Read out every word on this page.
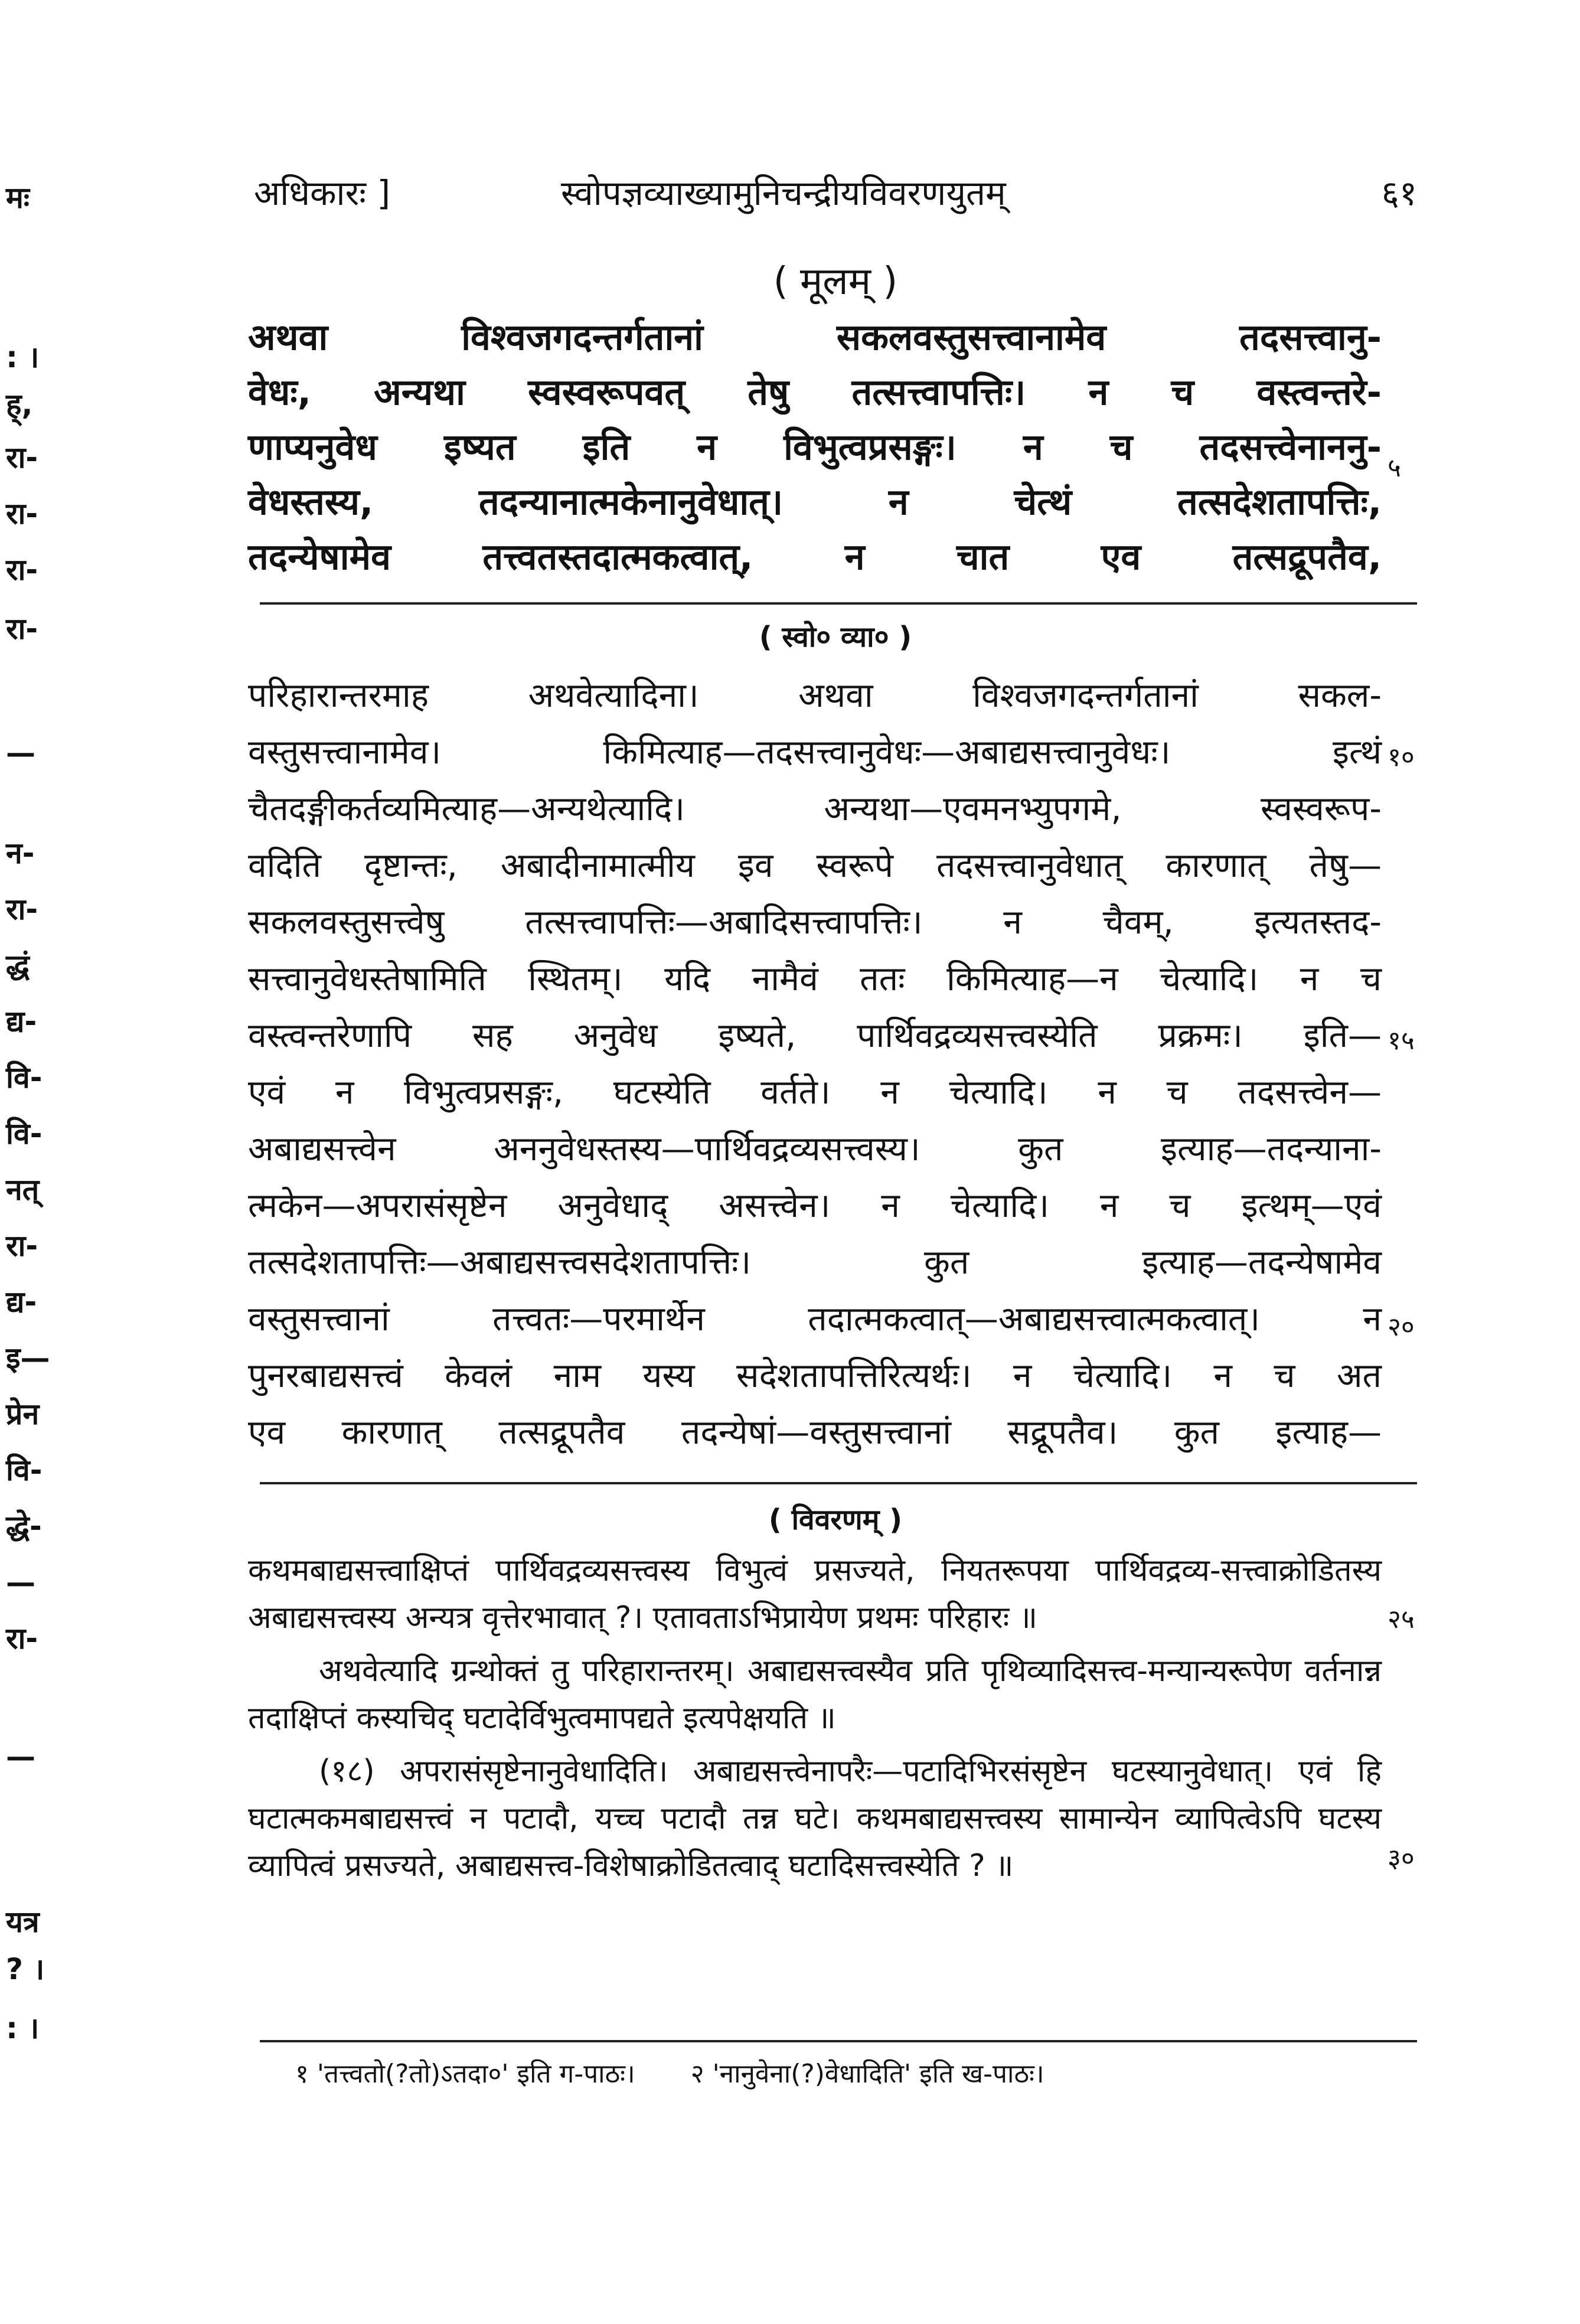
मः
: ।
ह्,
रा-
रा-
रा-
रा-
—
न-
रा-
द्धं
द्य-
वि-
वि-
नत्
रा-
द्य-
इ—
प्रेन
वि-
द्धे-
—
रा-
—
यत्र
? ।
: ।
अधिकारः ]	स्वोपज्ञव्याख्यामुनिचन्द्रीयविवरणयुतम्	६१
( मूलम् )

अथवा विश्वजगदन्तर्गतानां सकलवस्तुसत्त्वानामेव तदसत्त्वानु-

वेधः, अन्यथा स्वस्वरूपवत् तेषु तत्सत्त्वापत्तिः। न च वस्त्वन्तरे-

णाप्यनुवेध इष्यत इति न विभुत्वप्रसङ्गः। न च तदसत्त्वेनाननु-

वेधस्तस्य, तदन्यानात्मकेनानुवेधात्। न चेत्थं तत्सदेशतापत्तिः,

तदन्येषामेव तत्त्वतस्तदात्मकत्वात्, न चात एव तत्सद्रूपतैव,

५
( स्वो० व्या० )

परिहारान्तरमाह अथवेत्यादिना। अथवा विश्वजगदन्तर्गतानां सकल-

वस्तुसत्त्वानामेव। किमित्याह—तदसत्त्वानुवेधः—अबाद्यसत्त्वानुवेधः। इत्थं

चैतदङ्गीकर्तव्यमित्याह—अन्यथेत्यादि। अन्यथा—एवमनभ्युपगमे, स्वस्वरूप-

वदिति दृष्टान्तः, अबादीनामात्मीय इव स्वरूपे तदसत्त्वानुवेधात् कारणात् तेषु—

सकलवस्तुसत्त्वेषु तत्सत्त्वापत्तिः—अबादिसत्त्वापत्तिः। न चैवम्, इत्यतस्तद-

सत्त्वानुवेधस्तेषामिति स्थितम्। यदि नामैवं ततः किमित्याह—न चेत्यादि। न च

वस्त्वन्तरेणापि सह अनुवेध इष्यते, पार्थिवद्रव्यसत्त्वस्येति प्रक्रमः। इति—

एवं न विभुत्वप्रसङ्गः, घटस्येति वर्तते। न चेत्यादि। न च तदसत्त्वेन—

अबाद्यसत्त्वेन अननुवेधस्तस्य—पार्थिवद्रव्यसत्त्वस्य। कुत इत्याह—तदन्याना-

त्मकेन—अपरासंसृष्टेन अनुवेधाद् असत्त्वेन। न चेत्यादि। न च इत्थम्—एवं

तत्सदेशतापत्तिः—अबाद्यसत्त्वसदेशतापत्तिः। कुत इत्याह—तदन्येषामेव

वस्तुसत्त्वानां तत्त्वतः—परमार्थेन तदात्मकत्वात्—अबाद्यसत्त्वात्मकत्वात्। न

पुनरबाद्यसत्त्वं केवलं नाम यस्य सदेशतापत्तिरित्यर्थः। न चेत्यादि। न च अत

एव कारणात् तत्सद्रूपतैव तदन्येषां—वस्तुसत्त्वानां सद्रूपतैव। कुत इत्याह—

१०
१५
२०
( विवरणम् )

कथमबाद्यसत्त्वाक्षिप्तं पार्थिवद्रव्यसत्त्वस्य विभुत्वं प्रसज्यते, नियतरूपया पार्थिवद्रव्य-सत्त्वाक्रोडितस्य अबाद्यसत्त्वस्य अन्यत्र वृत्तेरभावात् ?। एतावताऽभिप्रायेण प्रथमः परिहारः ॥

अथवेत्यादि ग्रन्थोक्तं तु परिहारान्तरम्। अबाद्यसत्त्वस्यैव प्रति पृथिव्यादिसत्त्व-मन्यान्यरूपेण वर्तनान्न तदाक्षिप्तं कस्यचिद् घटादेर्विभुत्वमापद्यते इत्यपेक्षयति ॥

(१८) अपरासंसृष्टेनानुवेधादिति। अबाद्यसत्त्वेनापरैः—पटादिभिरसंसृष्टेन घटस्यानुवेधात्। एवं हि घटात्मकमबाद्यसत्त्वं न पटादौ, यच्च पटादौ तन्न घटे। कथमबाद्यसत्त्वस्य सामान्येन व्यापित्वेऽपि घटस्य व्यापित्वं प्रसज्यते, अबाद्यसत्त्व-विशेषाक्रोडितत्वाद् घटादिसत्त्वस्येति ? ॥

२५
३०
१ 'तत्त्वतो(?तो)ऽतदा०' इति ग-पाठः। २ 'नानुवेना(?)वेधादिति' इति ख-पाठः।
